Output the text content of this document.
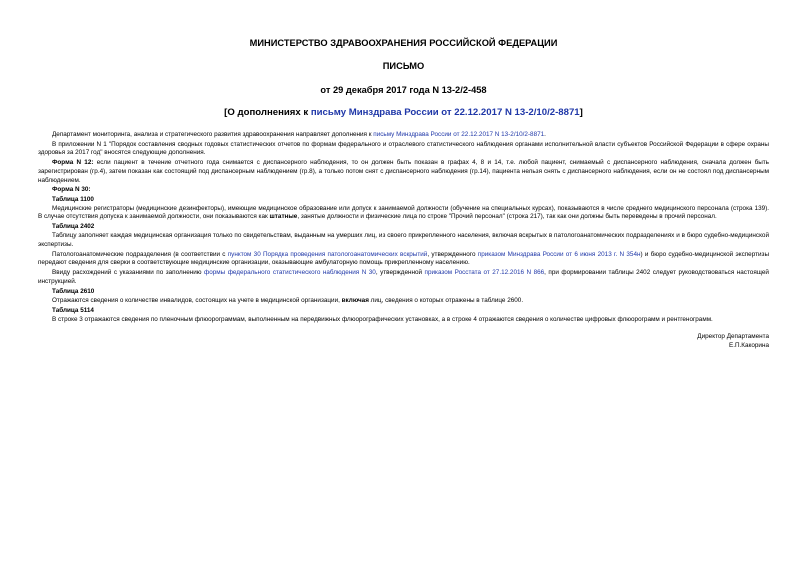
МИНИСТЕРСТВО ЗДРАВООХРАНЕНИЯ РОССИЙСКОЙ ФЕДЕРАЦИИ
ПИСЬМО
от 29 декабря 2017 года N 13-2/2-458
[О дополнениях к письму Минздрава России от 22.12.2017 N 13-2/10/2-8871]

Департамент мониторинга, анализа и стратегического развития здравоохранения направляет дополнения к письму Минздрава России от 22.12.2017 N 13-2/10/2-8871.

В приложении N 1 "Порядок составления сводных годовых статистических отчетов по формам федерального и отраслевого статистического наблюдения органами исполнительной власти субъектов Российской Федерации в сфере охраны здоровья за 2017 год" вносятся следующие дополнения.

Форма N 12: если пациент в течение отчетного года снимается с диспансерного наблюдения, то он должен быть показан в графах 4, 8 и 14, т.е. любой пациент, снимаемый с диспансерного наблюдения, сначала должен быть зарегистрирован (гр.4), затем показан как состоящий под диспансерным наблюдением (гр.8), а только потом снят с диспансерного наблюдения (гр.14), пациента нельзя снять с диспансерного наблюдения, если он не состоял под диспансерным наблюдением.

Форма N 30:

Таблица 1100

Медицинские регистраторы (медицинские дезинфекторы), имеющие медицинское образование или допуск к занимаемой должности (обучение на специальных курсах), показываются в числе среднего медицинского персонала (строка 139). В случае отсутствия допуска к занимаемой должности, они показываются как штатные, занятые должности и физические лица по строке "Прочий персонал" (строка 217), так как они должны быть переведены в прочий персонал.

Таблица 2402

Таблицу заполняет каждая медицинская организация только по свидетельствам, выданным на умерших лиц, из своего прикрепленного населения, включая вскрытых в патологоанатомических подразделениях и в бюро судебно-медицинской экспертизы.

Патологоанатомические подразделения (в соответствии с пунктом 30 Порядка проведения патологоанатомических вскрытий, утвержденного приказом Минздрава России от 6 июня 2013 г. N 354н) и бюро судебно-медицинской экспертизы передают сведения для сверки в соответствующие медицинские организации, оказывающие амбулаторную помощь прикрепленному населению.

Ввиду расхождений с указаниями по заполнению формы федерального статистического наблюдения N 30, утвержденной приказом Росстата от 27.12.2016 N 866, при формировании таблицы 2402 следует руководствоваться настоящей инструкцией.

Таблица 2610

Отражаются сведения о количестве инвалидов, состоящих на учете в медицинской организации, включая лиц, сведения о которых отражены в таблице 2600.

Таблица 5114

В строке 3 отражаются сведения по пленочным флюорограммам, выполненным на передвижных флюорографических установках, а в строке 4 отражаются сведения о количестве цифровых флюорограмм и рентгенограмм.

Директор Департамента
Е.П.Какорина
